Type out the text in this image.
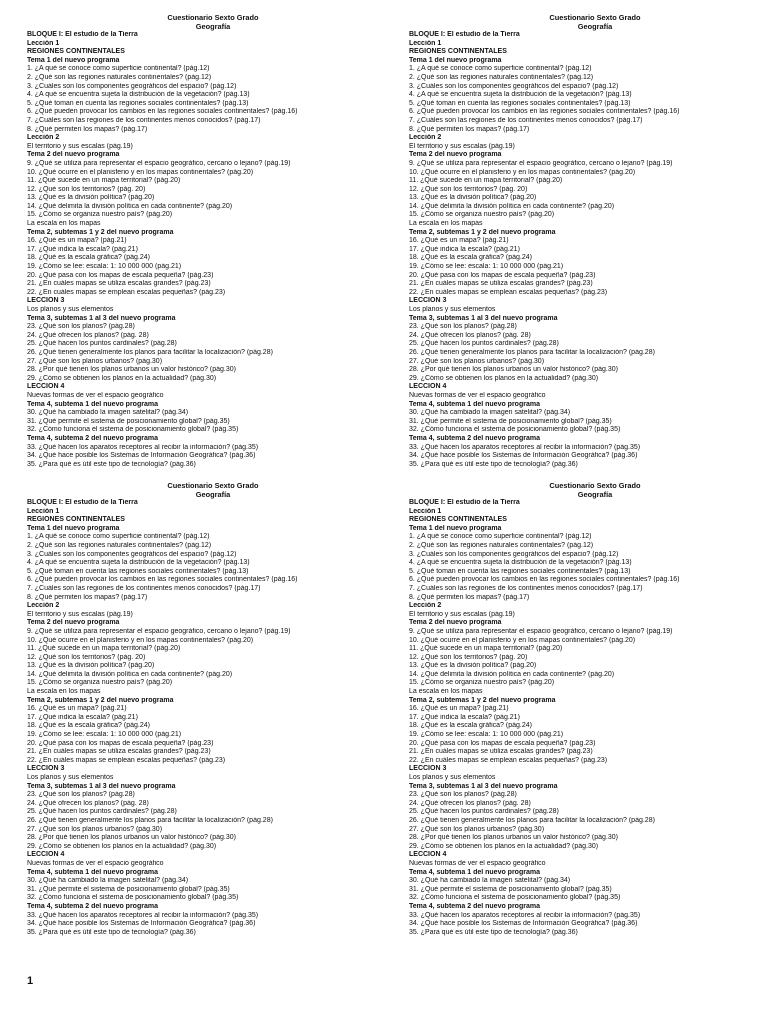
Cuestionario Sexto Grado
Geografía
BLOQUE I: El estudio de la Tierra
Lección 1
REGIONES CONTINENTALES
Tema 1 del nuevo programa
1. ¿A qué se conoce como superficie continental? (pág.12)
2. ¿Qué son las regiones naturales continentales? (pág.12)
3. ¿Cuáles son los componentes geográficos del espacio? (pág.12)
4. ¿A qué se encuentra sujeta la distribución de la vegetación? (pág.13)
5. ¿Qué toman en cuenta las regiones sociales continentales? (pág.13)
6. ¿Qué pueden provocar los cambios en las regiones sociales continentales? (pág.16)
7. ¿Cuáles son las regiones de los continentes menos conocidos? (pág.17)
8. ¿Qué permiten los mapas? (pág.17)
Lección 2
El territorio y sus escalas (pág.19)
Tema 2 del nuevo programa
9. ¿Qué se utiliza para representar el espacio geográfico, cercano o lejano? (pág.19)
10. ¿Qué ocurre en el planisferio y en los mapas continentales? (pág.20)
11. ¿Qué sucede en un mapa territorial? (pág.20)
12. ¿Qué son los territorios? (pág. 20)
13. ¿Qué es la división política? (pág.20)
14. ¿Qué delimita la división política en cada continente? (pág.20)
15. ¿Cómo se organiza nuestro país? (pág.20)
La escala en los mapas
Tema 2, subtemas 1 y 2 del nuevo programa
16. ¿Qué es un mapa? (pág.21)
17. ¿Qué indica la escala? (pág.21)
18. ¿Qué es la escala gráfica? (pág.24)
19. ¿Cómo se lee: escala: 1: 10 000 000 (pág.21)
20. ¿Qué pasa con los mapas de escala pequeña? (pág.23)
21. ¿En cuáles mapas se utiliza escalas grandes? (pág.23)
22. ¿En cuáles mapas se emplean escalas pequeñas? (pág.23)
LECCIÓN 3
Los planos y sus elementos
Tema 3, subtemas 1 al 3 del nuevo programa
23. ¿Qué son los planos? (pág.28)
24. ¿Qué ofrecen los planos? (pág. 28)
25. ¿Qué hacen los puntos cardinales? (pág.28)
26. ¿Qué tienen generalmente los planos para facilitar la localización? (pág.28)
27. ¿Qué son los planos urbanos? (pág.30)
28. ¿Por qué tienen los planos urbanos un valor histórico? (pág.30)
29. ¿Cómo se obtienen los planos en la actualidad? (pág.30)
LECCIÓN 4
Nuevas formas de ver el espacio geográfico
Tema 4, subtema 1 del nuevo programa
30. ¿Qué ha cambiado la imagen satelital? (pág.34)
31. ¿Qué permite el sistema de posicionamiento global? (pág.35)
32. ¿Cómo funciona el sistema de posicionamiento global? (pág.35)
Tema 4, subtema 2 del nuevo programa
33. ¿Qué hacen los aparatos receptores al recibir la información? (pág.35)
34. ¿Qué hace posible los Sistemas de Información Geográfica? (pág.36)
35. ¿Para qué es útil este tipo de tecnología? (pág.36)
Cuestionario Sexto Grado
Geografía
BLOQUE I: El estudio de la Tierra
Lección 1
REGIONES CONTINENTALES
Tema 1 del nuevo programa
1. ¿A qué se conoce como superficie continental? (pág.12)
2. ¿Qué son las regiones naturales continentales? (pág.12)
3. ¿Cuáles son los componentes geográficos del espacio? (pág.12)
4. ¿A qué se encuentra sujeta la distribución de la vegetación? (pág.13)
5. ¿Qué toman en cuenta las regiones sociales continentales? (pág.13)
6. ¿Qué pueden provocar los cambios en las regiones sociales continentales? (pág.16)
7. ¿Cuáles son las regiones de los continentes menos conocidos? (pág.17)
8. ¿Qué permiten los mapas? (pág.17)
Lección 2
El territorio y sus escalas (pág.19)
Tema 2 del nuevo programa
9. ¿Qué se utiliza para representar el espacio geográfico, cercano o lejano? (pág.19)
10. ¿Qué ocurre en el planisferio y en los mapas continentales? (pág.20)
11. ¿Qué sucede en un mapa territorial? (pág.20)
12. ¿Qué son los territorios? (pág. 20)
13. ¿Qué es la división política? (pág.20)
14. ¿Qué delimita la división política en cada continente? (pág.20)
15. ¿Cómo se organiza nuestro país? (pág.20)
La escala en los mapas
Tema 2, subtemas 1 y 2 del nuevo programa
16. ¿Qué es un mapa? (pág.21)
17. ¿Qué indica la escala? (pág.21)
18. ¿Qué es la escala gráfica? (pág.24)
19. ¿Cómo se lee: escala: 1: 10 000 000 (pág.21)
20. ¿Qué pasa con los mapas de escala pequeña? (pág.23)
21. ¿En cuáles mapas se utiliza escalas grandes? (pág.23)
22. ¿En cuáles mapas se emplean escalas pequeñas? (pág.23)
LECCIÓN 3
Los planos y sus elementos
Tema 3, subtemas 1 al 3 del nuevo programa
23. ¿Qué son los planos? (pág.28)
24. ¿Qué ofrecen los planos? (pág. 28)
25. ¿Qué hacen los puntos cardinales? (pág.28)
26. ¿Qué tienen generalmente los planos para facilitar la localización? (pág.28)
27. ¿Qué son los planos urbanos? (pág.30)
28. ¿Por qué tienen los planos urbanos un valor histórico? (pág.30)
29. ¿Cómo se obtienen los planos en la actualidad? (pág.30)
LECCIÓN 4
Nuevas formas de ver el espacio geográfico
Tema 4, subtema 1 del nuevo programa
30. ¿Qué ha cambiado la imagen satelital? (pág.34)
31. ¿Qué permite el sistema de posicionamiento global? (pág.35)
32. ¿Cómo funciona el sistema de posicionamiento global? (pág.35)
Tema 4, subtema 2 del nuevo programa
33. ¿Qué hacen los aparatos receptores al recibir la información? (pág.35)
34. ¿Qué hace posible los Sistemas de Información Geográfica? (pág.36)
35. ¿Para qué es útil este tipo de tecnología? (pág.36)
Cuestionario Sexto Grado
Geografía
BLOQUE I: El estudio de la Tierra
Lección 1
REGIONES CONTINENTALES
Tema 1 del nuevo programa
1. ¿A qué se conoce como superficie continental? (pág.12)
2. ¿Qué son las regiones naturales continentales? (pág.12)
3. ¿Cuáles son los componentes geográficos del espacio? (pág.12)
4. ¿A qué se encuentra sujeta la distribución de la vegetación? (pág.13)
5. ¿Qué toman en cuenta las regiones sociales continentales? (pág.13)
6. ¿Qué pueden provocar los cambios en las regiones sociales continentales? (pág.16)
7. ¿Cuáles son las regiones de los continentes menos conocidos? (pág.17)
8. ¿Qué permiten los mapas? (pág.17)
Lección 2
El territorio y sus escalas (pág.19)
Tema 2 del nuevo programa
9. ¿Qué se utiliza para representar el espacio geográfico, cercano o lejano? (pág.19)
10. ¿Qué ocurre en el planisferio y en los mapas continentales? (pág.20)
11. ¿Qué sucede en un mapa territorial? (pág.20)
12. ¿Qué son los territorios? (pág. 20)
13. ¿Qué es la división política? (pág.20)
14. ¿Qué delimita la división política en cada continente? (pág.20)
15. ¿Cómo se organiza nuestro país? (pág.20)
La escala en los mapas
Tema 2, subtemas 1 y 2 del nuevo programa
16. ¿Qué es un mapa? (pág.21)
17. ¿Qué indica la escala? (pág.21)
18. ¿Qué es la escala gráfica? (pág.24)
19. ¿Cómo se lee: escala: 1: 10 000 000 (pág.21)
20. ¿Qué pasa con los mapas de escala pequeña? (pág.23)
21. ¿En cuáles mapas se utiliza escalas grandes? (pág.23)
22. ¿En cuáles mapas se emplean escalas pequeñas? (pág.23)
LECCIÓN 3
Los planos y sus elementos
Tema 3, subtemas 1 al 3 del nuevo programa
23. ¿Qué son los planos? (pág.28)
24. ¿Qué ofrecen los planos? (pág. 28)
25. ¿Qué hacen los puntos cardinales? (pág.28)
26. ¿Qué tienen generalmente los planos para facilitar la localización? (pág.28)
27. ¿Qué son los planos urbanos? (pág.30)
28. ¿Por qué tienen los planos urbanos un valor histórico? (pág.30)
29. ¿Cómo se obtienen los planos en la actualidad? (pág.30)
LECCIÓN 4
Nuevas formas de ver el espacio geográfico
Tema 4, subtema 1 del nuevo programa
30. ¿Qué ha cambiado la imagen satelital? (pág.34)
31. ¿Qué permite el sistema de posicionamiento global? (pág.35)
32. ¿Cómo funciona el sistema de posicionamiento global? (pág.35)
Tema 4, subtema 2 del nuevo programa
33. ¿Qué hacen los aparatos receptores al recibir la información? (pág.35)
34. ¿Qué hace posible los Sistemas de Información Geográfica? (pág.36)
35. ¿Para qué es útil este tipo de tecnología? (pág.36)
Cuestionario Sexto Grado
Geografía
BLOQUE I: El estudio de la Tierra
Lección 1
REGIONES CONTINENTALES
Tema 1 del nuevo programa
1. ¿A qué se conoce como superficie continental? (pág.12)
2. ¿Qué son las regiones naturales continentales? (pág.12)
3. ¿Cuáles son los componentes geográficos del espacio? (pág.12)
4. ¿A qué se encuentra sujeta la distribución de la vegetación? (pág.13)
5. ¿Qué toman en cuenta las regiones sociales continentales? (pág.13)
6. ¿Qué pueden provocar los cambios en las regiones sociales continentales? (pág.16)
7. ¿Cuáles son las regiones de los continentes menos conocidos? (pág.17)
8. ¿Qué permiten los mapas? (pág.17)
Lección 2
El territorio y sus escalas (pág.19)
Tema 2 del nuevo programa
9. ¿Qué se utiliza para representar el espacio geográfico, cercano o lejano? (pág.19)
10. ¿Qué ocurre en el planisferio y en los mapas continentales? (pág.20)
11. ¿Qué sucede en un mapa territorial? (pág.20)
12. ¿Qué son los territorios? (pág. 20)
13. ¿Qué es la división política? (pág.20)
14. ¿Qué delimita la división política en cada continente? (pág.20)
15. ¿Cómo se organiza nuestro país? (pág.20)
La escala en los mapas
Tema 2, subtemas 1 y 2 del nuevo programa
16. ¿Qué es un mapa? (pág.21)
17. ¿Qué indica la escala? (pág.21)
18. ¿Qué es la escala gráfica? (pág.24)
19. ¿Cómo se lee: escala: 1: 10 000 000 (pág.21)
20. ¿Qué pasa con los mapas de escala pequeña? (pág.23)
21. ¿En cuáles mapas se utiliza escalas grandes? (pág.23)
22. ¿En cuáles mapas se emplean escalas pequeñas? (pág.23)
LECCIÓN 3
Los planos y sus elementos
Tema 3, subtemas 1 al 3 del nuevo programa
23. ¿Qué son los planos? (pág.28)
24. ¿Qué ofrecen los planos? (pág. 28)
25. ¿Qué hacen los puntos cardinales? (pág.28)
26. ¿Qué tienen generalmente los planos para facilitar la localización? (pág.28)
27. ¿Qué son los planos urbanos? (pág.30)
28. ¿Por qué tienen los planos urbanos un valor histórico? (pág.30)
29. ¿Cómo se obtienen los planos en la actualidad? (pág.30)
LECCIÓN 4
Nuevas formas de ver el espacio geográfico
Tema 4, subtema 1 del nuevo programa
30. ¿Qué ha cambiado la imagen satelital? (pág.34)
31. ¿Qué permite el sistema de posicionamiento global? (pág.35)
32. ¿Cómo funciona el sistema de posicionamiento global? (pág.35)
Tema 4, subtema 2 del nuevo programa
33. ¿Qué hacen los aparatos receptores al recibir la información? (pág.35)
34. ¿Qué hace posible los Sistemas de Información Geográfica? (pág.36)
35. ¿Para qué es útil este tipo de tecnología? (pág.36)
1
